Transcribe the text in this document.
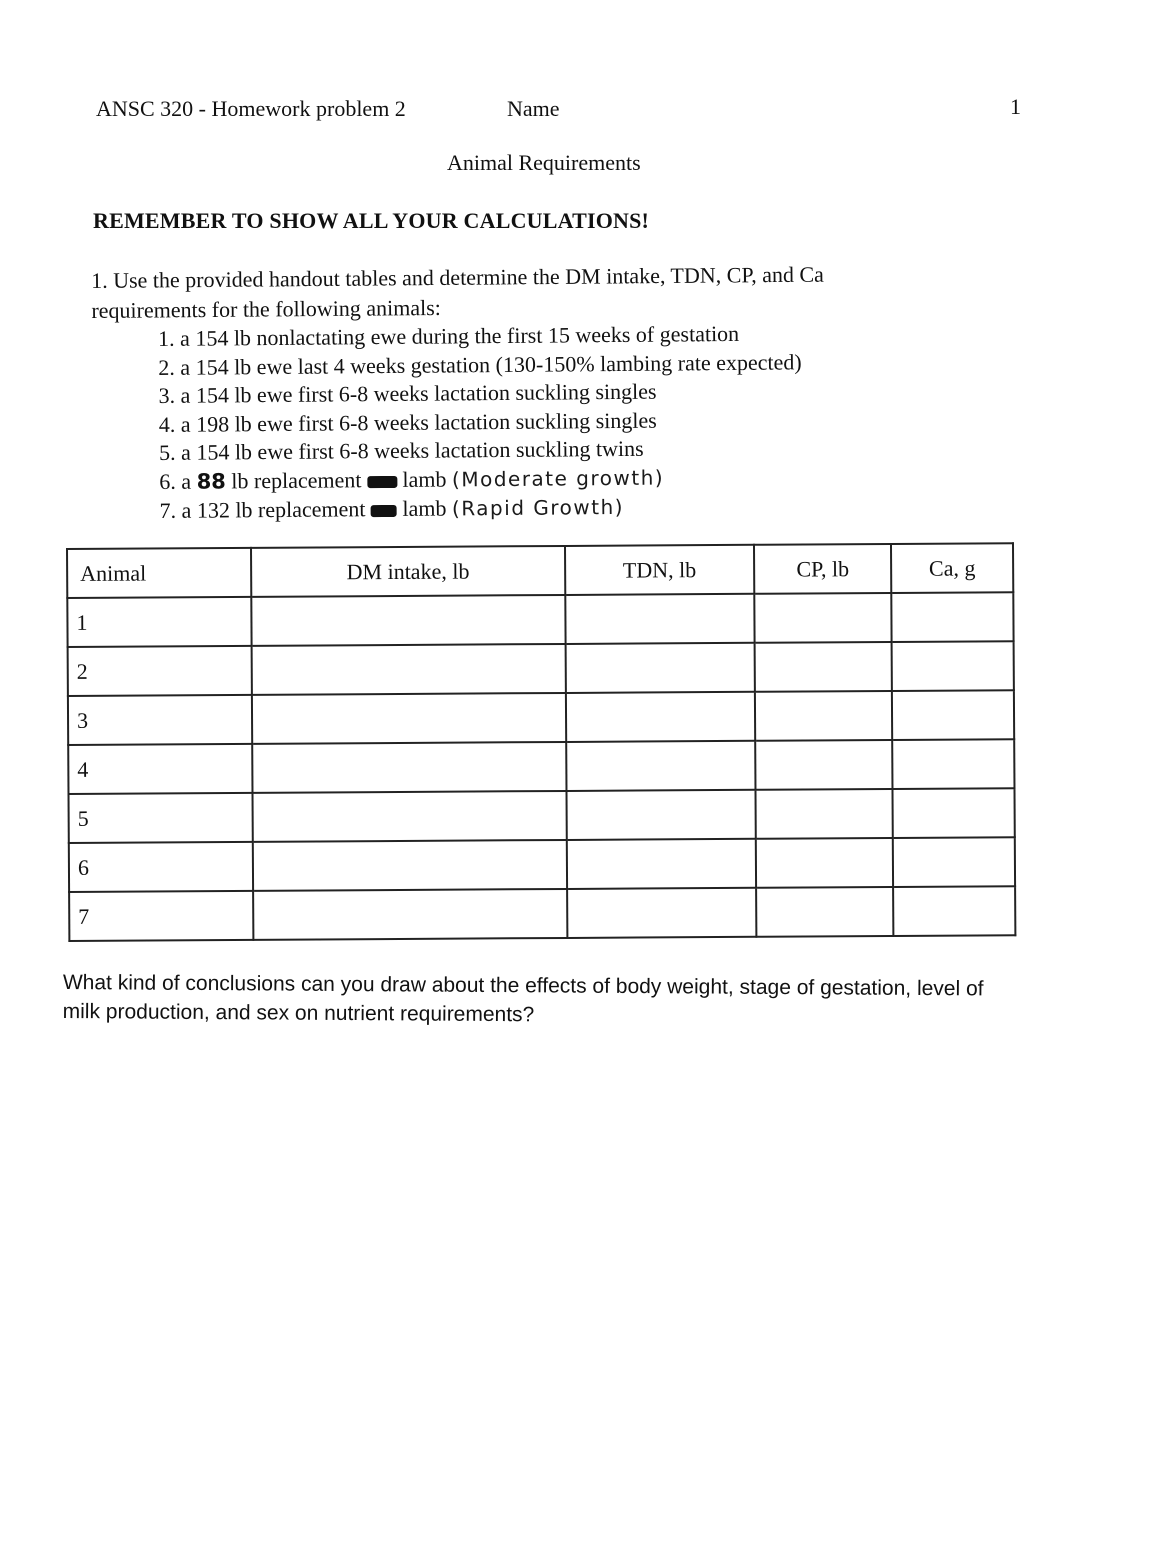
ANSC 320 - Homework problem 2	Name	1
Animal Requirements
REMEMBER TO SHOW ALL YOUR CALCULATIONS!
1. Use the provided handout tables and determine the DM intake, TDN, CP, and Ca requirements for the following animals:
1. a 154 lb nonlactating ewe during the first 15 weeks of gestation
2. a 154 lb ewe last 4 weeks gestation (130-150% lambing rate expected)
3. a 154 lb ewe first 6-8 weeks lactation suckling singles
4. a 198 lb ewe first 6-8 weeks lactation suckling singles
5. a 154 lb ewe first 6-8 weeks lactation suckling twins
6. a 88 lb replacement lamb (Moderate growth)
7. a 132 lb replacement lamb (Rapid Growth)
Animal	DM intake, lb	TDN, lb	CP, lb	Ca, g
1				
2				
3				
4				
5				
6				
7				
What kind of conclusions can you draw about the effects of body weight, stage of gestation, level of milk production, and sex on nutrient requirements?
